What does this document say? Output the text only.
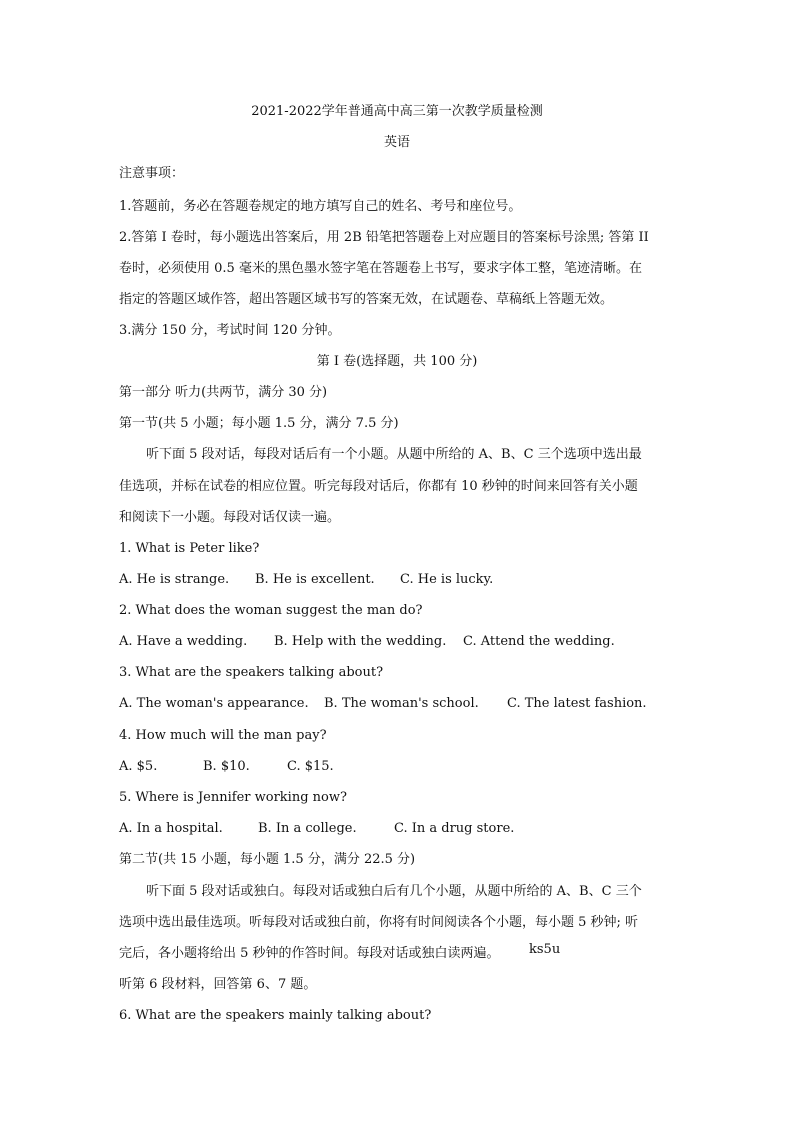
2021-2022学年普通高中高三第一次教学质量检测
英语
注意事项：
1.答题前，务必在答题卷规定的地方填写自己的姓名、考号和座位号。
2.答第 I 卷时，每小题选出答案后，用 2B 铅笔把答题卷上对应题目的答案标号涂黑; 答第 II
卷时，必须使用 0.5 毫米的黑色墨水签字笔在答题卷上书写，要求字体工整，笔迹清晰。在
指定的答题区域作答，超出答题区域书写的答案无效，在试题卷、草稿纸上答题无效。
3.满分 150 分，考试时间 120 分钟。
第 I 卷(选择题，共 100 分)
第一部分 听力(共两节，满分 30 分)
第一节(共 5 小题；每小题 1.5 分，满分 7.5 分)
听下面 5 段对话，每段对话后有一个小题。从题中所给的 A、B、C 三个选项中选出最
佳选项，并标在试卷的相应位置。听完每段对话后，你都有 10 秒钟的时间来回答有关小题
和阅读下一小题。每段对话仅读一遍。
1. What is Peter like?
A. He is strange. B. He is excellent. C. He is lucky.
2. What does the woman suggest the man do?
A. Have a wedding. B. Help with the wedding. C. Attend the wedding.
3. What are the speakers talking about?
A. The woman's appearance. B. The woman's school. C. The latest fashion.
4. How much will the man pay?
A. $5.	B. $10.	C. $15.
5. Where is Jennifer working now?
A. In a hospital.	B. In a college.	C. In a drug store.
第二节(共 15 小题，每小题 1.5 分，满分 22.5 分)
听下面 5 段对话或独白。每段对话或独白后有几个小题，从题中所给的 A、B、C 三个
选项中选出最佳选项。听每段对话或独白前，你将有时间阅读各个小题，每小题 5 秒钟; 听
完后，各小题将给出 5 秒钟的作答时间。每段对话或独白读两遍。 ks5u
听第 6 段材料，回答第 6、7 题。
6. What are the speakers mainly talking about?
